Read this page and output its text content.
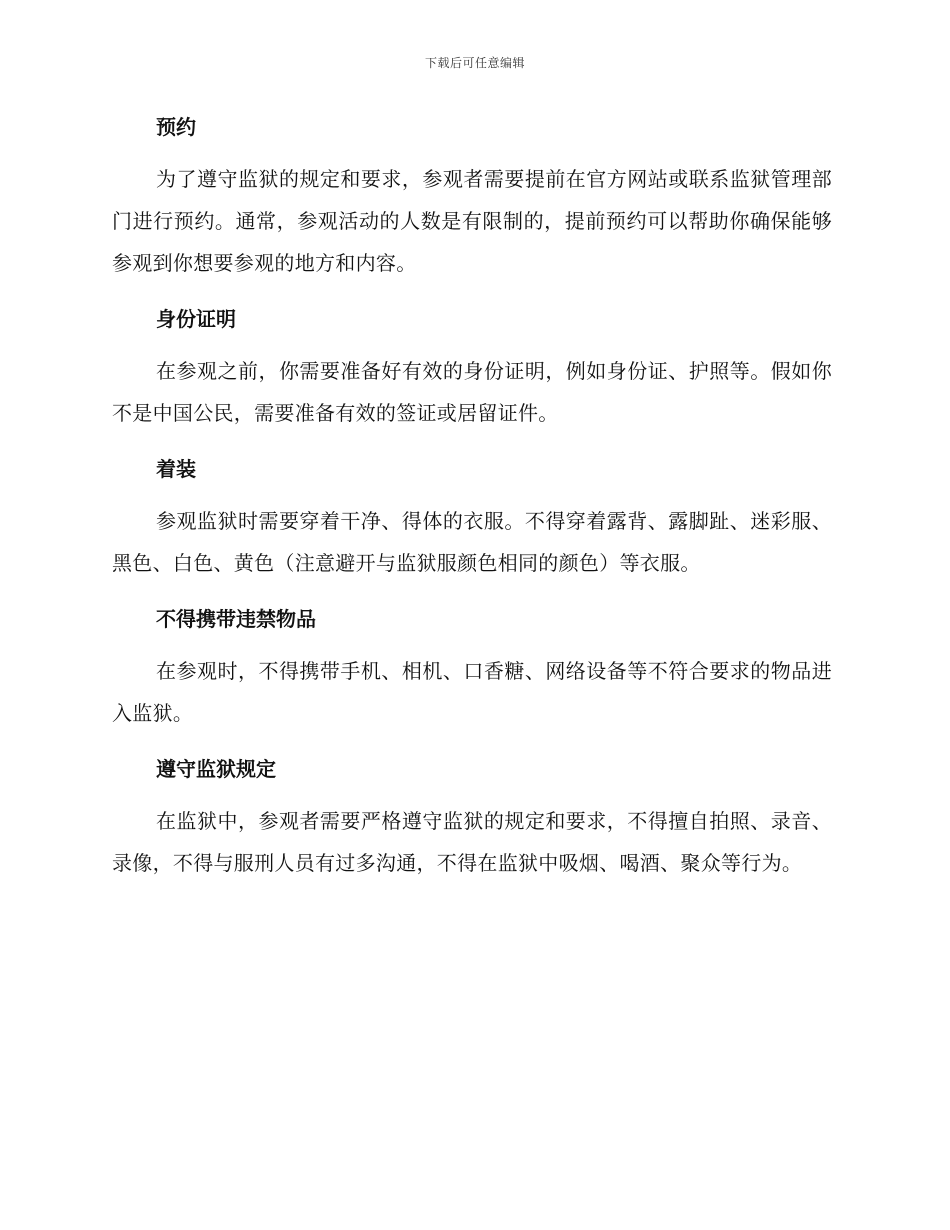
下载后可任意编辑
预约

为了遵守监狱的规定和要求，参观者需要提前在官方网站或联系监狱管理部门进行预约。通常，参观活动的人数是有限制的，提前预约可以帮助你确保能够参观到你想要参观的地方和内容。

身份证明

在参观之前，你需要准备好有效的身份证明，例如身份证、护照等。假如你不是中国公民，需要准备有效的签证或居留证件。

着装

参观监狱时需要穿着干净、得体的衣服。不得穿着露背、露脚趾、迷彩服、黑色、白色、黄色（注意避开与监狱服颜色相同的颜色）等衣服。

不得携带违禁物品

在参观时，不得携带手机、相机、口香糖、网络设备等不符合要求的物品进入监狱。

遵守监狱规定

在监狱中，参观者需要严格遵守监狱的规定和要求，不得擅自拍照、录音、录像，不得与服刑人员有过多沟通，不得在监狱中吸烟、喝酒、聚众等行为。
